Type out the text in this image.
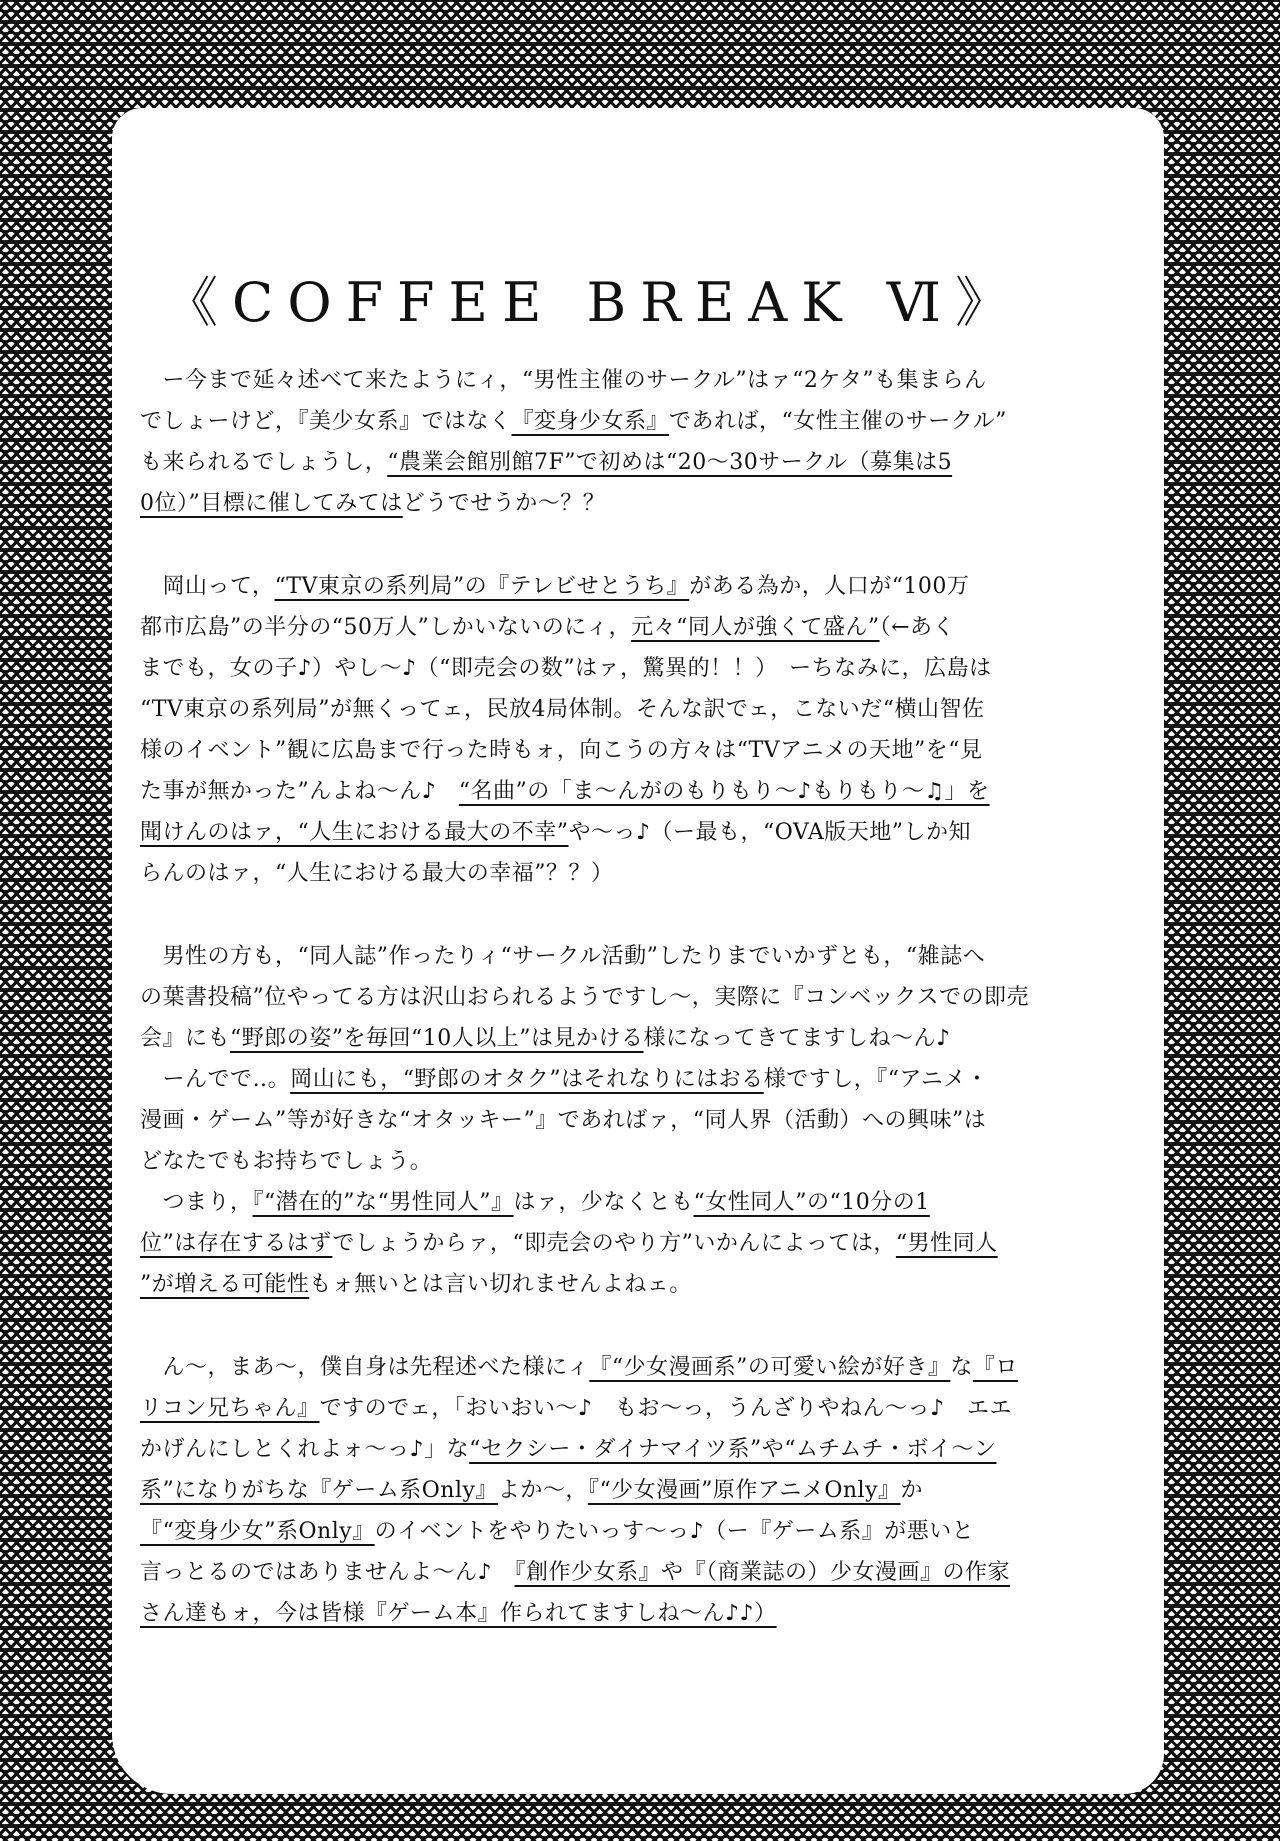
《COFFEE BREAK Ⅵ》
　ー今まで延々述べて来たようにィ，“男性主催のサークル”はァ“2ケタ”も集まらん
でしょーけど，『美少女系』ではなく『変身少女系』であれば，“女性主催のサークル”
も来られるでしょうし，“農業会館別館7F”で初めは“20〜30サークル（募集は5
0位）”目標に催してみてはどうでせうか〜？？
　岡山って，“TV東京の系列局”の『テレビせとうち』がある為か，人口が“100万
都市広島”の半分の“50万人”しかいないのにィ，元々“同人が強くて盛ん”（←あく
までも，女の子♪）やし〜♪（“即売会の数”はァ，驚異的！！）　ーちなみに，広島は
“TV東京の系列局”が無くってェ，民放4局体制。そんな訳でェ，こないだ“横山智佐
様のイベント”観に広島まで行った時もォ，向こうの方々は“TVアニメの天地”を“見
た事が無かった”んよね〜ん♪　“名曲”の「ま〜んがのもりもり〜♪もりもり〜♫」を
聞けんのはァ，“人生における最大の不幸”や〜っ♪（ー最も，“OVA版天地”しか知
らんのはァ，“人生における最大の幸福”？？）
　男性の方も，“同人誌”作ったりィ“サークル活動”したりまでいかずとも，“雑誌へ
の葉書投稿”位やってる方は沢山おられるようですし〜，実際に『コンベックスでの即売
会』にも“野郎の姿”を毎回“10人以上”は見かける様になってきてますしね〜ん♪
　ーんでで‥。岡山にも，“野郎のオタク”はそれなりにはおる様ですし，『“アニメ・
漫画・ゲーム”等が好きな“オタッキー”』であればァ，“同人界（活動）への興味”は
どなたでもお持ちでしょう。
　つまり，『“潜在的”な“男性同人”』はァ，少なくとも“女性同人”の“10分の1
位”は存在するはずでしょうからァ，“即売会のやり方”いかんによっては，“男性同人
”が増える可能性もォ無いとは言い切れませんよねェ。
　ん〜，まあ〜，僕自身は先程述べた様にィ『“少女漫画系”の可愛い絵が好き』な『ロ
リコン兄ちゃん』ですのでェ，「おいおい〜♪　もお〜っ，うんざりやねん〜っ♪　エエ
かげんにしとくれよォ〜っ♪」な“セクシー・ダイナマイツ系”や“ムチムチ・ボイ〜ン
系”になりがちな『ゲーム系Only』よか〜，『“少女漫画”原作アニメOnly』か
『“変身少女”系Only』のイベントをやりたいっす〜っ♪（ー『ゲーム系』が悪いと
言っとるのではありませんよ〜ん♪　『創作少女系』や『（商業誌の）少女漫画』の作家
さん達もォ，今は皆様『ゲーム本』作られてますしね〜ん♪♪）
